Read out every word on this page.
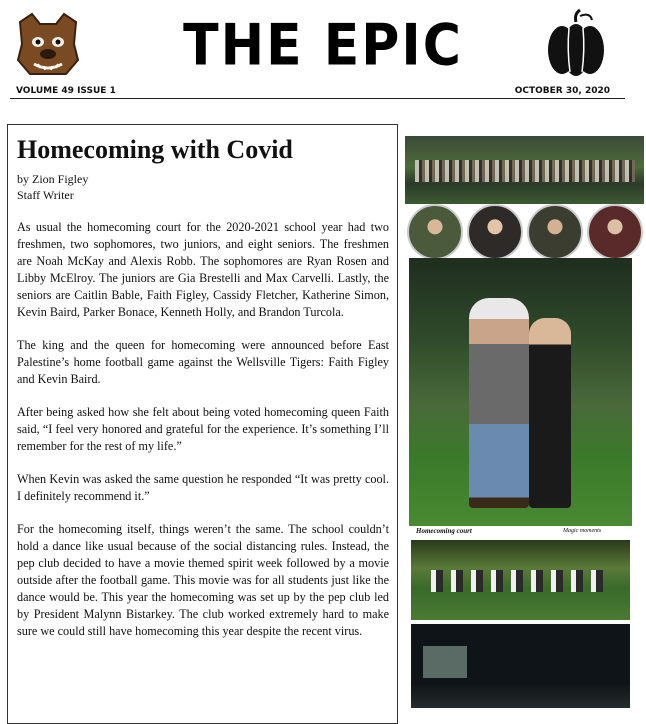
THE EPIC
VOLUME 49 ISSUE 1	OCTOBER 30, 2020
Homecoming with Covid

by Zion Figley

Staff Writer

As usual the homecoming court for the 2020-2021 school year had two freshmen, two sophomores, two juniors, and eight seniors. The freshmen are Noah McKay and Alexis Robb. The sophomores are Ryan Rosen and Libby McElroy. The juniors are Gia Brestelli and Max Carvelli. Lastly, the seniors are Caitlin Bable, Faith Figley, Cassidy Fletcher, Katherine Simon, Kevin Baird, Parker Bonace, Kenneth Holly, and Brandon Turcola.

The king and the queen for homecoming were announced before East Palestine’s home football game against the Wellsville Tigers: Faith Figley and Kevin Baird.

After being asked how she felt about being voted homecoming queen Faith said, “I feel very honored and grateful for the experience. It’s something I’ll remember for the rest of my life.”

When Kevin was asked the same question he responded “It was pretty cool. I definitely recommend it.”

For the homecoming itself, things weren’t the same. The school couldn’t hold a dance like usual because of the social distancing rules. Instead, the pep club decided to have a movie themed spirit week followed by a movie outside after the football game. This movie was for all students just like the dance would be. This year the homecoming was set up by the pep club led by President Malynn Bistarkey. The club worked extremely hard to make sure we could still have homecoming this year despite the recent virus.

Homecoming court	Magic moments
